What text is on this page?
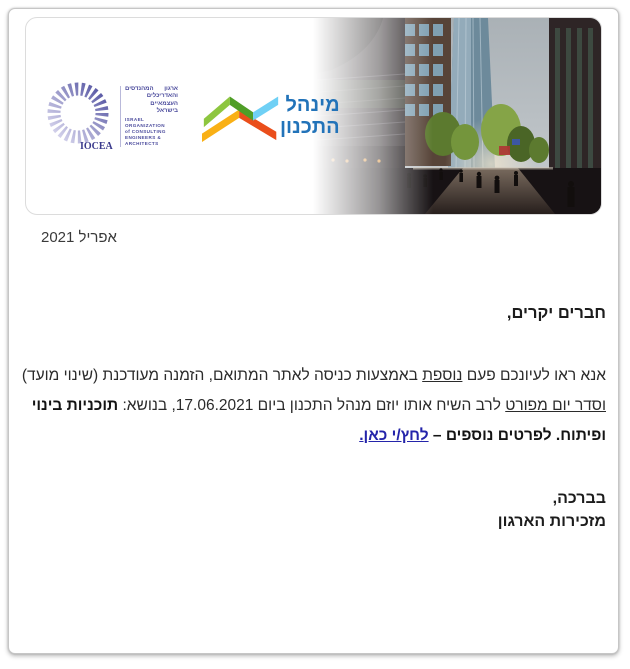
IOCEA
ארגון המהנדסים
והאדריכלים
העצמאיים
בישראל
ISRAEL
ORGANIZATION
of CONSULTING
ENGINEERS & ARCHITECTS
מינהל
התכנון
אפריל 2021
חברים יקרים,
אנא ראו לעיונכם פעם נוספת באמצעות כניסה לאתר המתואם, הזמנה מעודכנת (שינוי מועד)
וסדר יום מפורט לרב השיח אותו יוזם מנהל התכנון ביום 17.06.2021, בנושא: תוכניות בינוי
ופיתוח. לפרטים נוספים – לחץ/י כאן.
בברכה,
מזכירות הארגון
